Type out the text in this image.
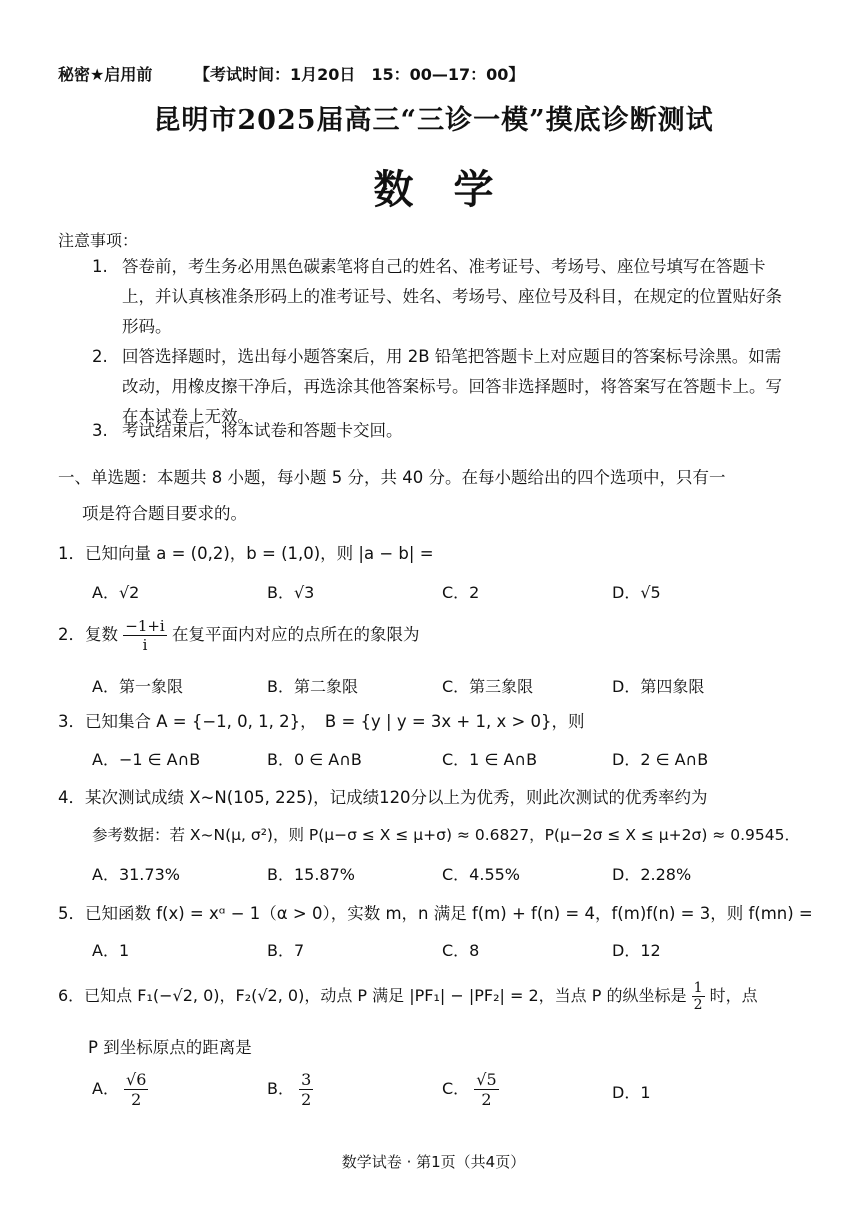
秘密★启用前	【考试时间：1月20日　15：00—17：00】
昆明市2025届高三“三诊一模”摸底诊断测试
数学
注意事项：
1. 答卷前，考生务必用黑色碳素笔将自己的姓名、准考证号、考场号、座位号填写在答题卡上，并认真核准条形码上的准考证号、姓名、考场号、座位号及科目，在规定的位置贴好条形码。
2. 回答选择题时，选出每小题答案后，用 2B 铅笔把答题卡上对应题目的答案标号涂黑。如需改动，用橡皮擦干净后，再选涂其他答案标号。回答非选择题时，将答案写在答题卡上。写在本试卷上无效。
3. 考试结束后，将本试卷和答题卡交回。
一、单选题：本题共 8 小题，每小题 5 分，共 40 分。在每小题给出的四个选项中，只有一
项是符合题目要求的。
1．已知向量 a = (0,2)，b = (1,0)，则 |a − b| =
A．√2	B．√3	C．2	D．√5
2．复数 $\frac{-1+i}{i}$ 在复平面内对应的点所在的象限为
A．第一象限	B．第二象限	C．第三象限	D．第四象限
3．已知集合 A = {−1, 0, 1, 2}，　B = {y | y = 3x + 1, x > 0}，则
A．−1 ∈ A∩B	B．0 ∈ A∩B	C．1 ∈ A∩B	D．2 ∈ A∩B
4．某次测试成绩 X~N(105, 225)，记成绩120分以上为优秀，则此次测试的优秀率约为
参考数据：若 X~N(μ, σ²)，则 P(μ−σ ≤ X ≤ μ+σ) ≈ 0.6827，P(μ−2σ ≤ X ≤ μ+2σ) ≈ 0.9545．
A．31.73%	B．15.87%	C．4.55%	D．2.28%
5．已知函数 f(x) = xᵅ − 1（α > 0），实数 m，n 满足 f(m) + f(n) = 4，f(m)f(n) = 3，则 f(mn) =
A．1	B．7	C．8	D．12
6．已知点 F₁(−√2, 0)，F₂(√2, 0)，动点 P 满足 |PF₁| − |PF₂| = 2，当点 P 的纵坐标是 $\frac{1}{2}$ 时，点
P 到坐标原点的距离是
A． $\frac{√6}{2}$	B． $\frac{3}{2}$	C． $\frac{√5}{2}$	D．1
数学试卷 · 第1页（共4页）
